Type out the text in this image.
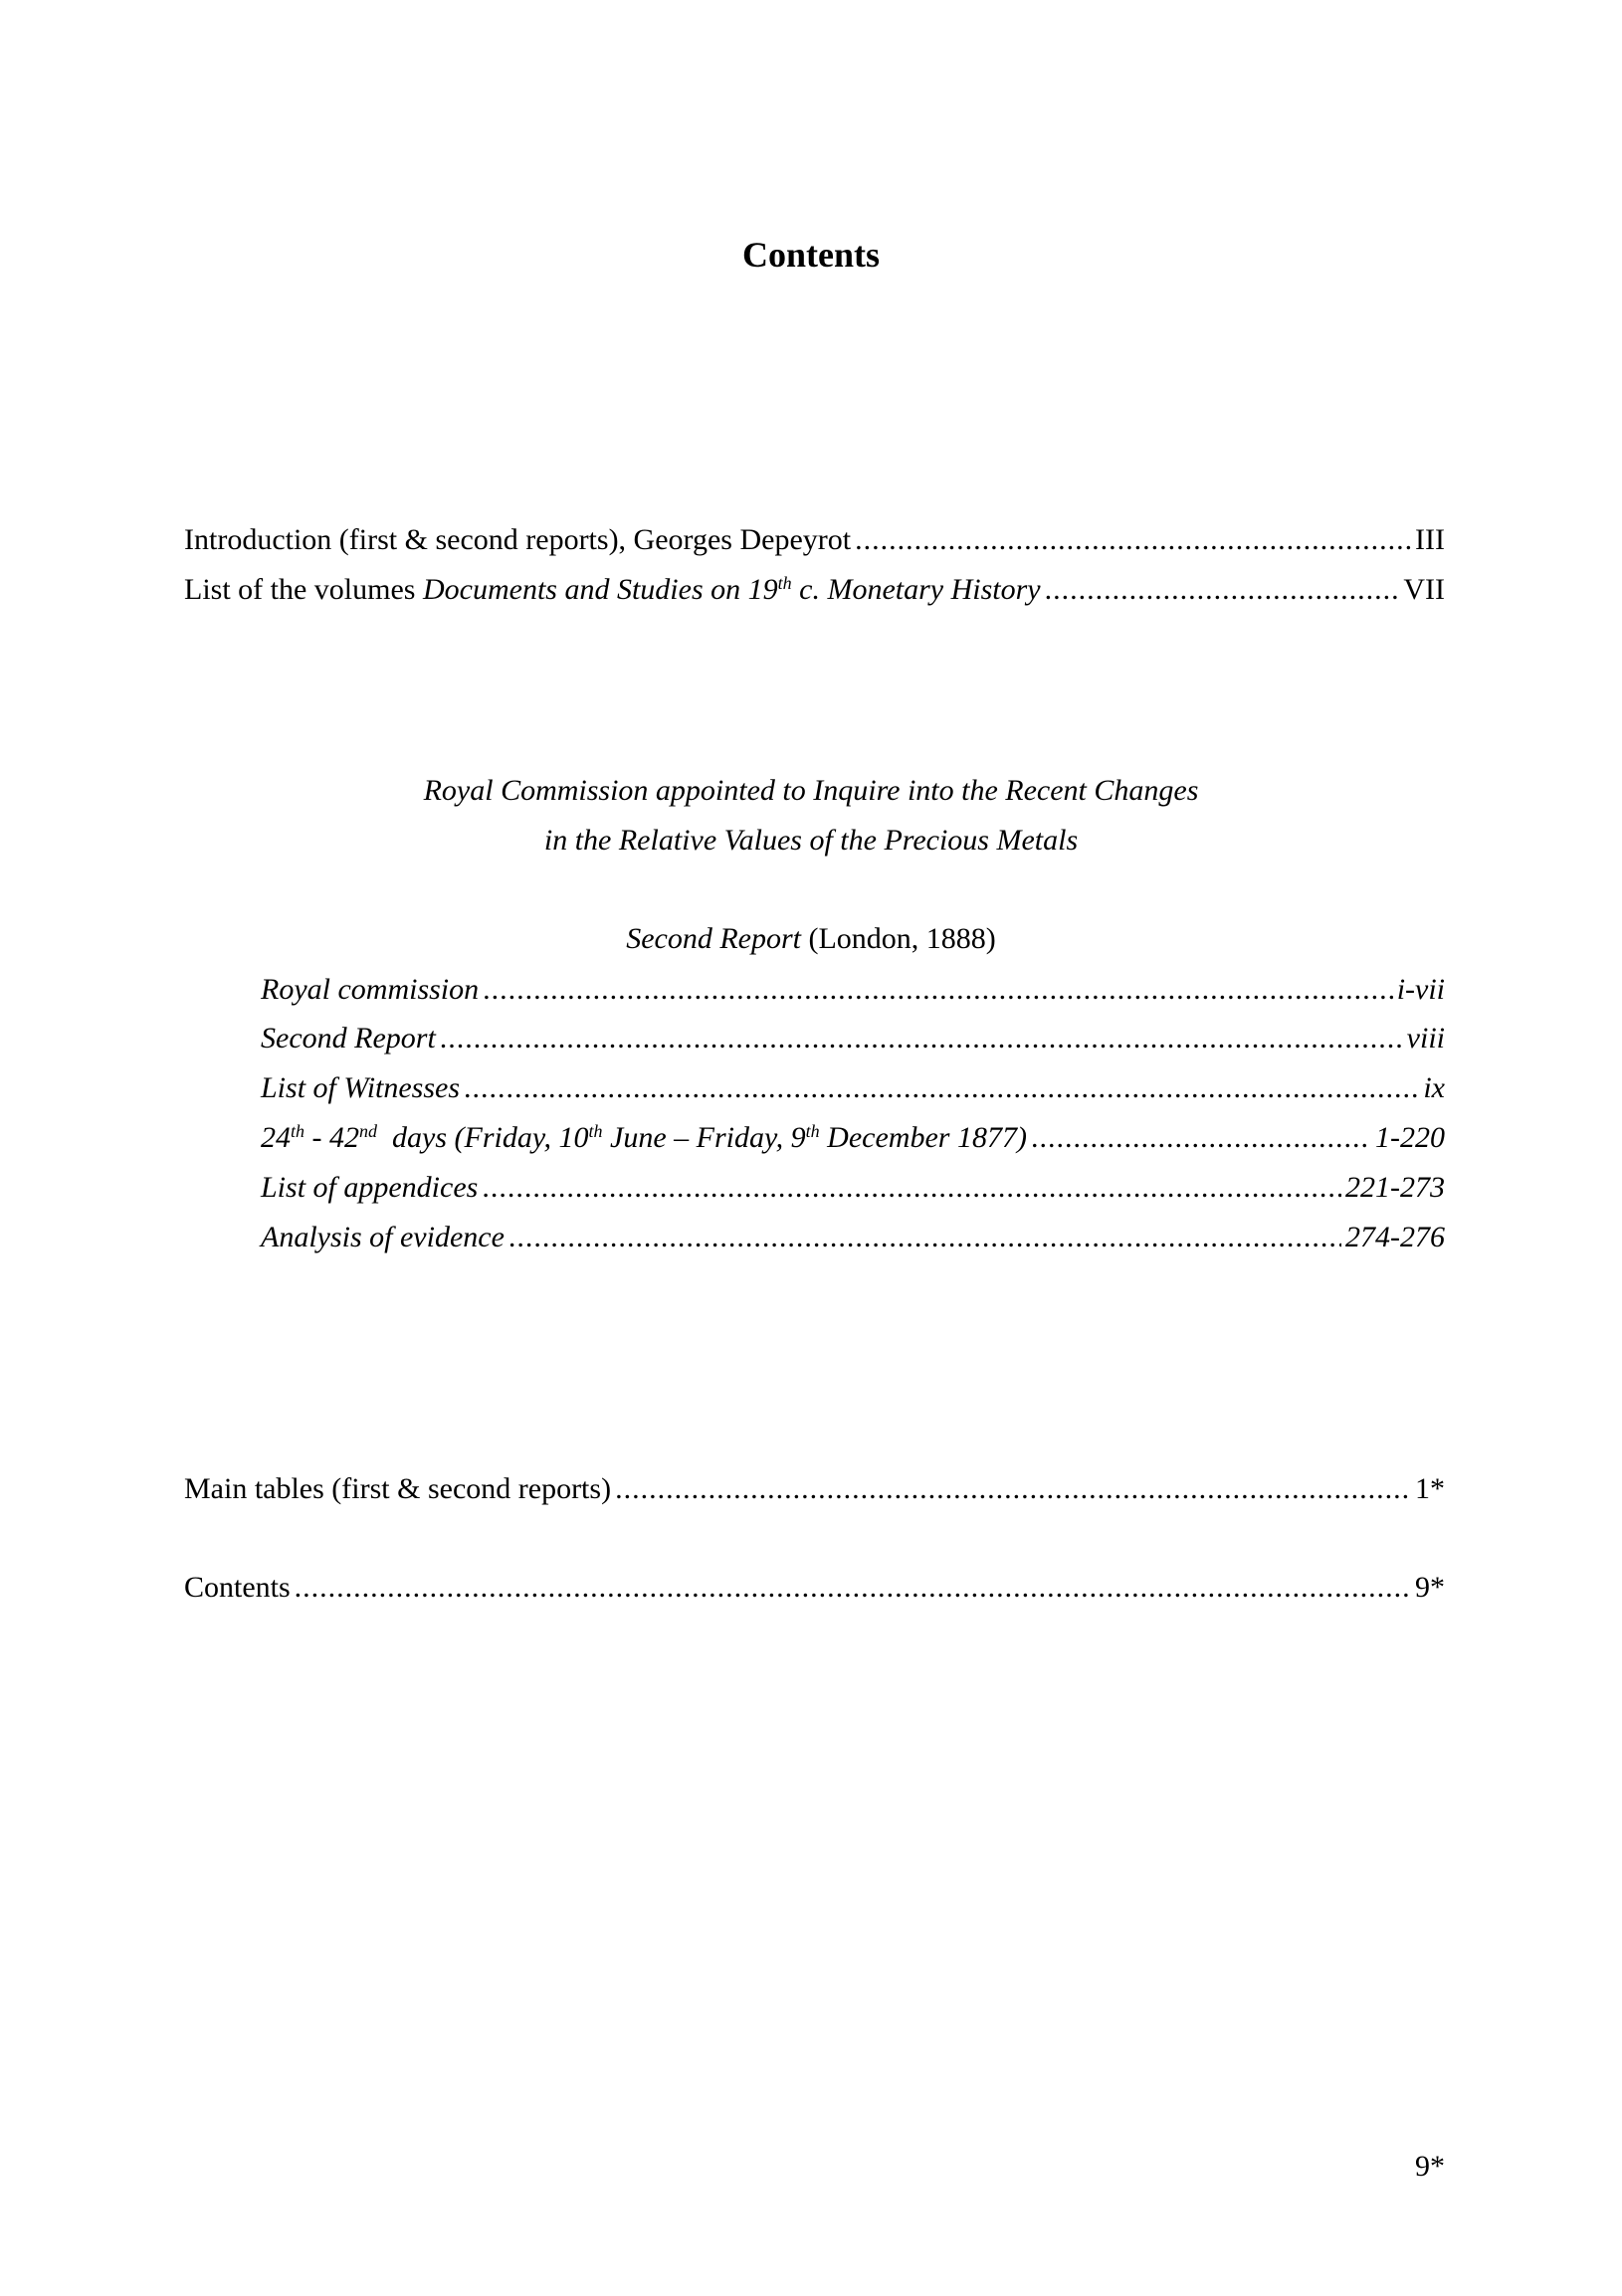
Contents
Introduction (first & second reports), Georges Depeyrot .....	III
List of the volumes Documents and Studies on 19th c. Monetary History .....	VII
Royal Commission appointed to Inquire into the Recent Changes
in the Relative Values of the Precious Metals
Second Report (London, 1888)
Royal commission .....	i-vii
Second Report .....	viii
List of Witnesses .....	ix
24th - 42nd  days (Friday, 10th June – Friday, 9th December 1877) .....	1-220
List of appendices .....	221-273
Analysis of evidence .....	274-276
Main tables (first & second reports) .....	1*
Contents .....	9*
9*
